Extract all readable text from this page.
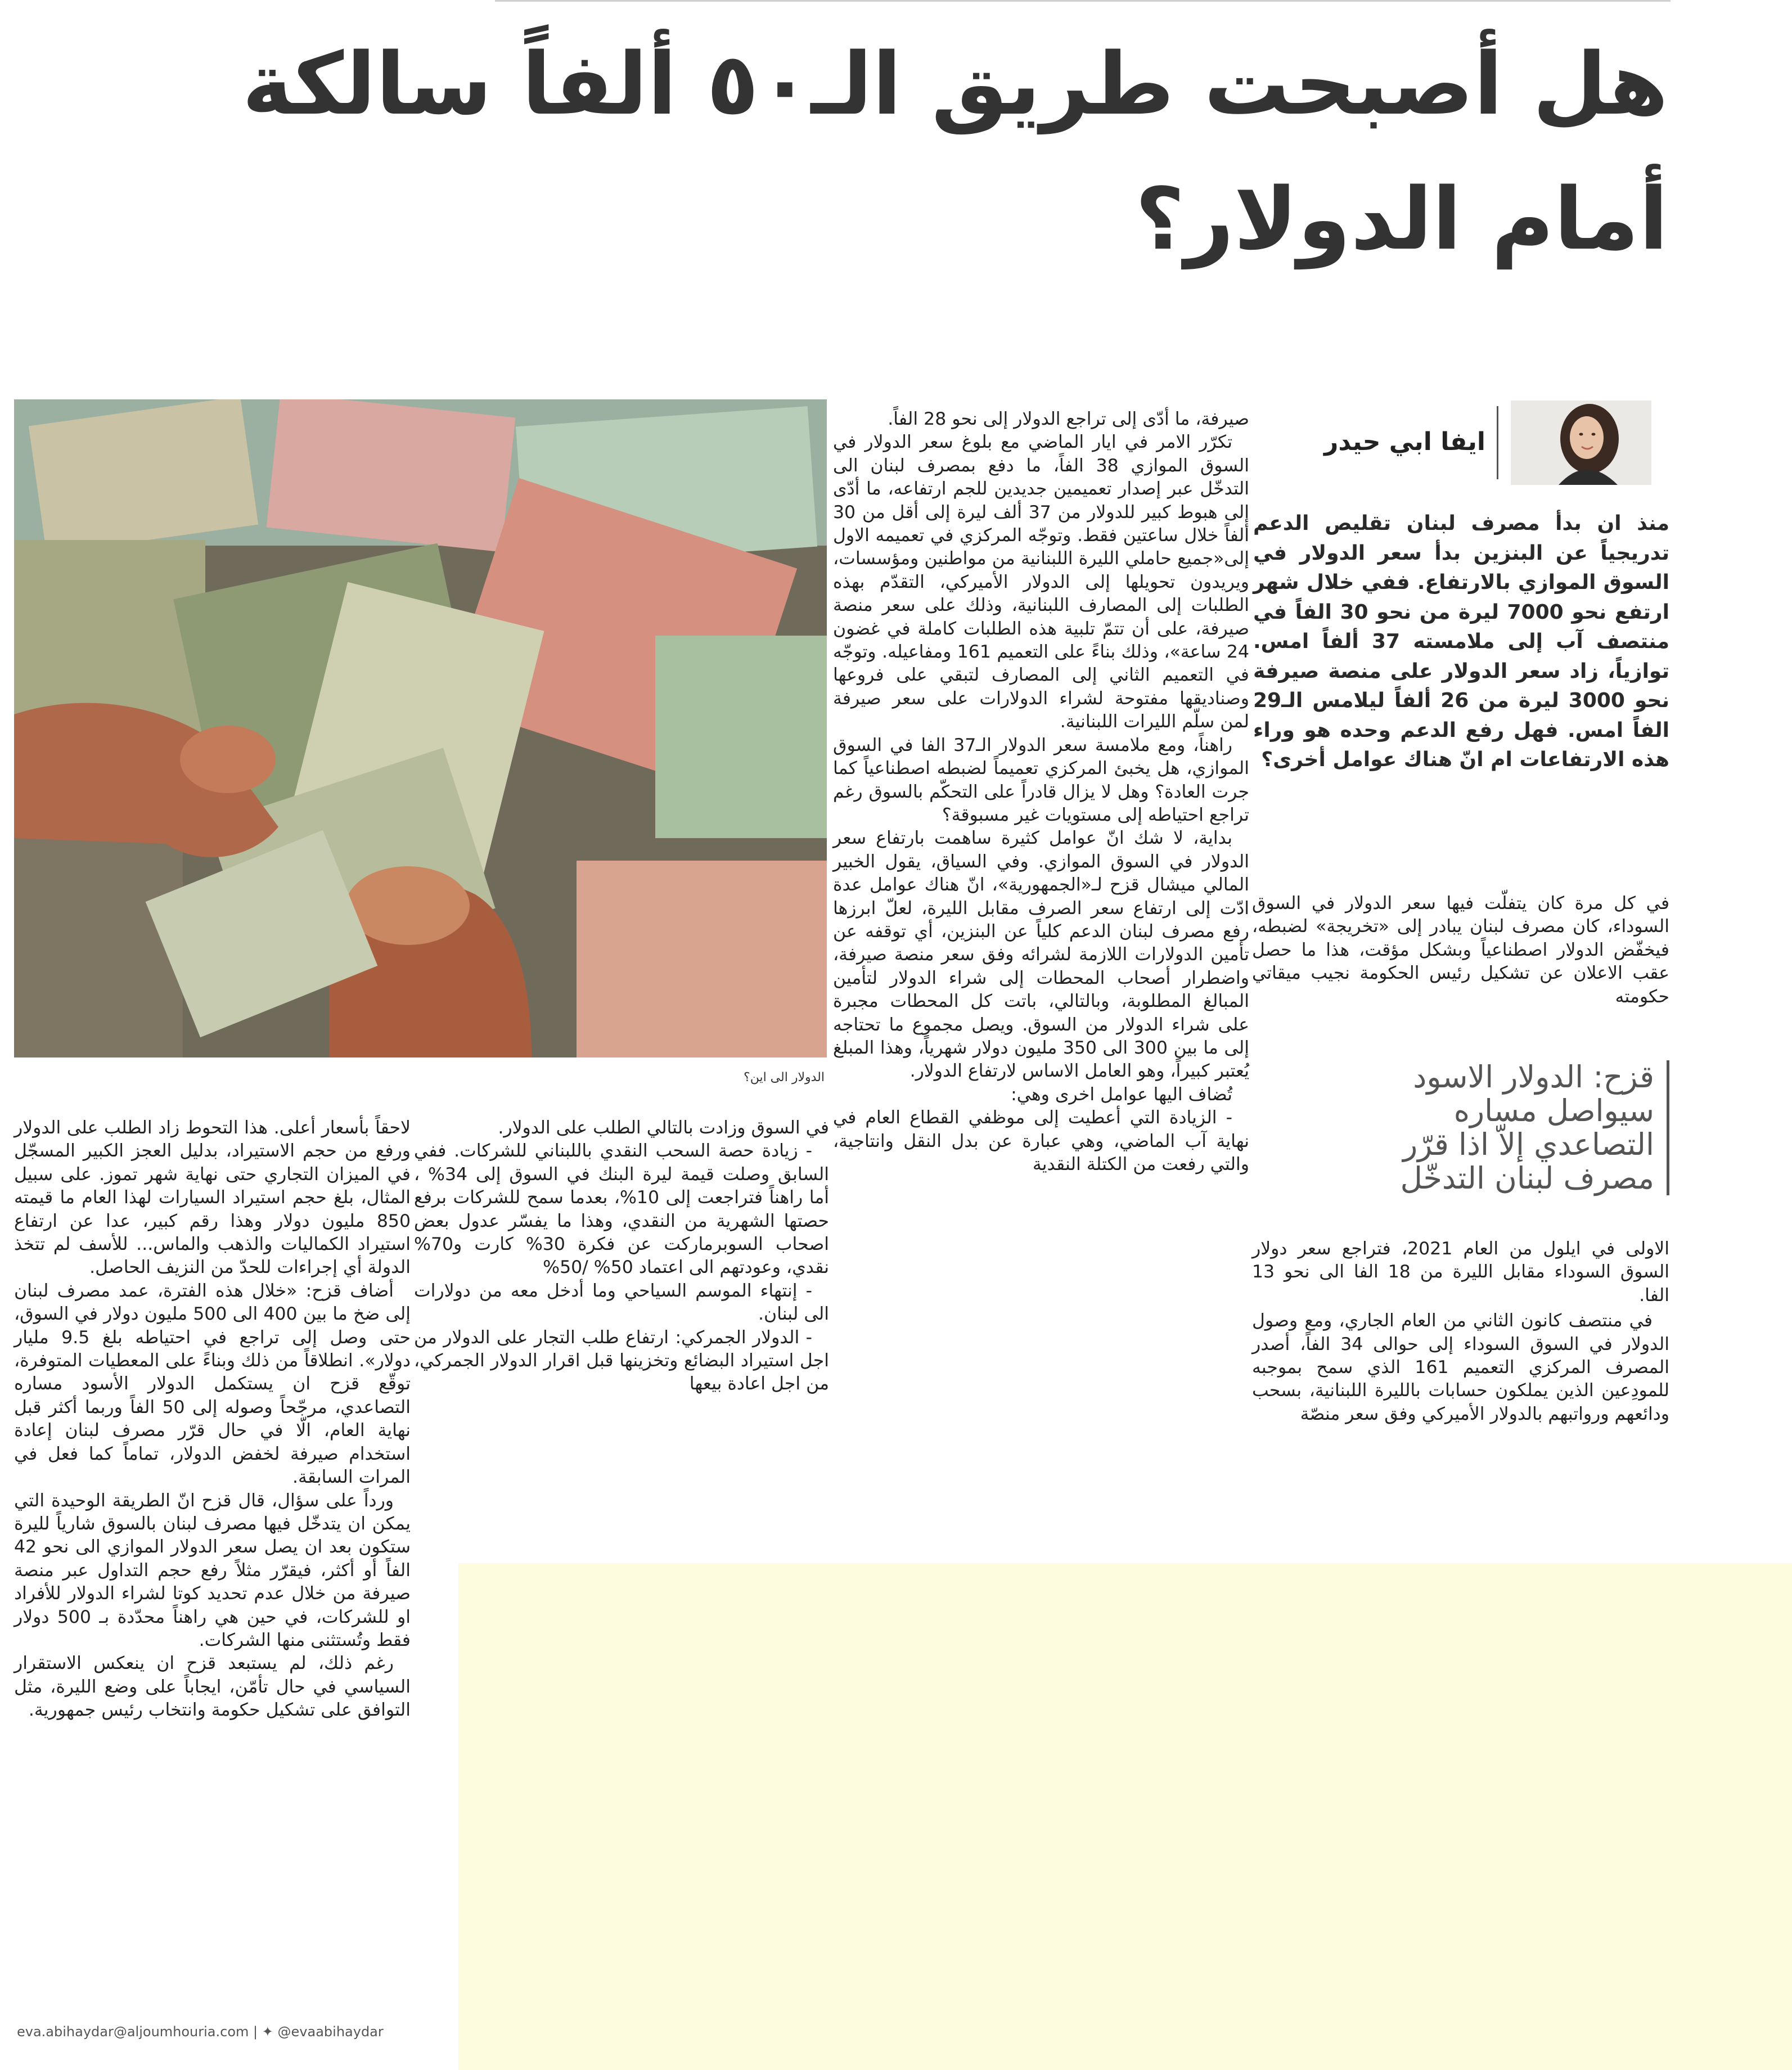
هل أصبحت طريق الـ٥٠ ألفاً سالكة
أمام الدولار؟
ايفا ابي حيدر
منذ ان بدأ مصرف لبنان تقليص الدعم تدريجياً عن البنزين بدأ سعر الدولار في السوق الموازي بالارتفاع. ففي خلال شهر ارتفع نحو 7000 ليرة من نحو 30 الفاً في منتصف آب إلى ملامسته 37 ألفاً امس. توازياً، زاد سعر الدولار على منصة صيرفة نحو 3000 ليرة من 26 ألفاً ليلامس الـ29 الفاً امس. فهل رفع الدعم وحده هو وراء هذه الارتفاعات ام انّ هناك عوامل أخرى؟

في كل مرة كان يتفلّت فيها سعر الدولار في السوق السوداء، كان مصرف لبنان يبادر إلى «تخريجة» لضبطه، فيخفّض الدولار اصطناعياً وبشكل مؤقت، هذا ما حصل عقب الاعلان عن تشكيل رئيس الحكومة نجيب ميقاتي حكومته

قزح: الدولار الاسود سيواصل مساره التصاعدي إلاّ اذا قرّر مصرف لبنان التدخّل

الاولى في ايلول من العام 2021، فتراجع سعر دولار السوق السوداء مقابل الليرة من 18 الفا الى نحو 13 الفا.

في منتصف كانون الثاني من العام الجاري، ومع وصول الدولار في السوق السوداء إلى حوالى 34 الفاً، أصدر المصرف المركزي التعميم 161 الذي سمح بموجبه للمودِعين الذين يملكون حسابات بالليرة اللبنانية، بسحب ودائعهم ورواتبهم بالدولار الأميركي وفق سعر منصّة

صيرفة، ما أدّى إلى تراجع الدولار إلى نحو 28 الفاً.

تكرّر الامر في ايار الماضي مع بلوغ سعر الدولار في السوق الموازي 38 الفاً، ما دفع بمصرف لبنان الى التدخّل عبر إصدار تعميمين جديدين للجم ارتفاعه، ما أدّى إلى هبوط كبير للدولار من 37 ألف ليرة إلى أقل من 30 ألفاً خلال ساعتين فقط. وتوجّه المركزي في تعميمه الاول إلى«جميع حاملي الليرة اللبنانية من مواطنين ومؤسسات، ويريدون تحويلها إلى الدولار الأميركي، التقدّم بهذه الطلبات إلى المصارف اللبنانية، وذلك على سعر منصة صيرفة، على أن تتمّ تلبية هذه الطلبات كاملة في غضون 24 ساعة»، وذلك بناءً على التعميم 161 ومفاعيله. وتوجّه في التعميم الثاني إلى المصارف لتبقي على فروعها وصناديقها مفتوحة لشراء الدولارات على سعر صيرفة لمن سلّم الليرات اللبنانية.

راهناً، ومع ملامسة سعر الدولار الـ37 الفا في السوق الموازي، هل يخبئ المركزي تعميماً لضبطه اصطناعياً كما جرت العادة؟ وهل لا يزال قادراً على التحكّم بالسوق رغم تراجع احتياطه إلى مستويات غير مسبوقة؟

بداية، لا شك انّ عوامل كثيرة ساهمت بارتفاع سعر الدولار في السوق الموازي. وفي السياق، يقول الخبير المالي ميشال قزح لـ«الجمهورية»، انّ هناك عوامل عدة ادّت إلى ارتفاع سعر الصرف مقابل الليرة، لعلّ ابرزها رفع مصرف لبنان الدعم كلياً عن البنزين، أي توقفه عن تأمين الدولارات اللازمة لشرائه وفق سعر منصة صيرفة، واضطرار أصحاب المحطات إلى شراء الدولار لتأمين المبالغ المطلوبة، وبالتالي، باتت كل المحطات مجبرة على شراء الدولار من السوق. ويصل مجموع ما تحتاجه إلى ما بين 300 الى 350 مليون دولار شهرياً، وهذا المبلغ يُعتبر كبيراً، وهو العامل الاساس لارتفاع الدولار.

تُضاف اليها عوامل اخرى وهي:

- الزيادة التي أعطيت إلى موظفي القطاع العام في نهاية آب الماضي، وهي عبارة عن بدل النقل وانتاجية، والتي رفعت من الكتلة النقدية

الدولار الى اين؟

في السوق وزادت بالتالي الطلب على الدولار.

- زيادة حصة السحب النقدي باللبناني للشركات. ففي السابق وصلت قيمة ليرة البنك في السوق إلى 34% ، أما راهناً فتراجعت إلى 10%، بعدما سمح للشركات برفع حصتها الشهرية من النقدي، وهذا ما يفسّر عدول بعض اصحاب السوبرماركت عن فكرة 30% كارت و70% نقدي، وعودتهم الى اعتماد 50% /50%

- إنتهاء الموسم السياحي وما أدخل معه من دولارات الى لبنان.

- الدولار الجمركي: ارتفاع طلب التجار على الدولار من اجل استيراد البضائع وتخزينها قبل اقرار الدولار الجمركي، من اجل اعادة بيعها

لاحقاً بأسعار أعلى. هذا التحوط زاد الطلب على الدولار ورفع من حجم الاستيراد، بدليل العجز الكبير المسجّل في الميزان التجاري حتى نهاية شهر تموز. على سبيل المثال، بلغ حجم استيراد السيارات لهذا العام ما قيمته 850 مليون دولار وهذا رقم كبير، عدا عن ارتفاع استيراد الكماليات والذهب والماس... للأسف لم تتخذ الدولة أي إجراءات للحدّ من النزيف الحاصل.

أضاف قزح: «خلال هذه الفترة، عمد مصرف لبنان إلى ضخ ما بين 400 الى 500 مليون دولار في السوق، حتى وصل إلى تراجع في احتياطه بلغ 9.5 مليار دولار». انطلاقاً من ذلك وبناءً على المعطيات المتوفرة، توقّع قزح ان يستكمل الدولار الأسود مساره التصاعدي، مرجّحاً وصوله إلى 50 الفاً وربما أكثر قبل نهاية العام، الّا في حال قرّر مصرف لبنان إعادة استخدام صيرفة لخفض الدولار، تماماً كما فعل في المرات السابقة.

ورداً على سؤال، قال قزح انّ الطريقة الوحيدة التي يمكن ان يتدخّل فيها مصرف لبنان بالسوق شارياً لليرة ستكون بعد ان يصل سعر الدولار الموازي الى نحو 42 الفاً أو أكثر، فيقرّر مثلاً رفع حجم التداول عبر منصة صيرفة من خلال عدم تحديد كوتا لشراء الدولار للأفراد او للشركات، في حين هي راهناً محدّدة بـ 500 دولار فقط وتُستثنى منها الشركات.

رغم ذلك، لم يستبعد قزح ان ينعكس الاستقرار السياسي في حال تأمّن، ايجاباً على وضع الليرة، مثل التوافق على تشكيل حكومة وانتخاب رئيس جمهورية.

eva.abihaydar@aljoumhouria.com | ✦ @evaabihaydar
